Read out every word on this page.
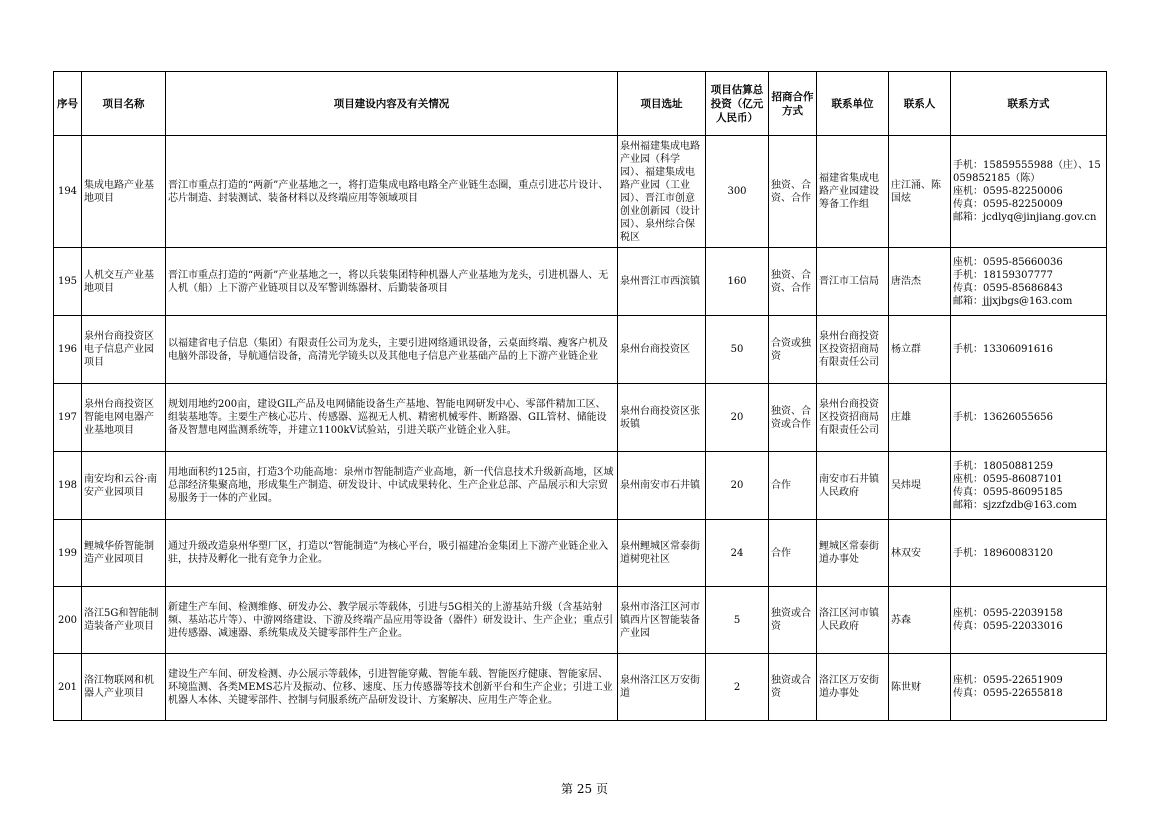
序号	项目名称	项目建设内容及有关情况	项目选址	项目估算总投资（亿元人民币）	招商合作方式	联系单位	联系人	联系方式
194	集成电路产业基地项目	晋江市重点打造的“两新”产业基地之一，将打造集成电路电路全产业链生态圈，重点引进芯片设计、芯片制造、封装测试、装备材料以及终端应用等领域项目	泉州福建集成电路产业园（科学园）、福建集成电路产业园（工业园）、晋江市创意创业创新园（设计园）、泉州综合保税区	300	独资、合资、合作	福建省集成电路产业园建设筹备工作组	庄江涌、陈国炫	手机：15859555988（庄）、15059852185（陈）
座机：0595-82250006
传真：0595-82250009
邮箱：jcdlyq@jinjiang.gov.cn

195	人机交互产业基地项目	晋江市重点打造的“两新”产业基地之一，将以兵装集团特种机器人产业基地为龙头，引进机器人、无人机（船）上下游产业链项目以及军警训练器材、后勤装备项目	泉州晋江市西滨镇	160	独资、合资、合作	晋江市工信局	唐浩杰	座机：0595-85660036
手机：18159307777
传真：0595-85686843
邮箱：jjjxjbgs@163.com

196	泉州台商投资区电子信息产业园项目	以福建省电子信息（集团）有限责任公司为龙头，主要引进网络通讯设备，云桌面终端、瘦客户机及电脑外部设备，导航通信设备，高清光学镜头以及其他电子信息产业基础产品的上下游产业链企业	泉州台商投资区	50	合资或独资	泉州台商投资区投资招商局有限责任公司	杨立群	手机：13306091616

197	泉州台商投资区智能电网电器产业基地项目	规划用地约200亩，建设GIL产品及电网储能设备生产基地、智能电网研发中心、零部件精加工区、组装基地等。主要生产核心芯片、传感器、巡视无人机、精密机械零件、断路器、GIL管材、储能设备及智慧电网监测系统等，并建立1100kV试验站，引进关联产业链企业入驻。	泉州台商投资区张坂镇	20	独资、合资或合作	泉州台商投资区投资招商局有限责任公司	庄雄	手机：13626055656

198	南安均和云谷·南安产业园项目	用地面积约125亩，打造3个功能高地：泉州市智能制造产业高地，新一代信息技术升级新高地，区域总部经济集聚高地，形成集生产制造、研发设计、中试成果转化、生产企业总部、产品展示和大宗贸易服务于一体的产业园。	泉州南安市石井镇	20	合作	南安市石井镇人民政府	吴炜堤	手机：18050881259
座机：0595-86087101
传真：0595-86095185
邮箱：sjzzfzdb@163.com

199	鲤城华侨智能制造产业园项目	通过升级改造泉州华塑厂区，打造以“智能制造”为核心平台，吸引福建冶金集团上下游产业链企业入驻，扶持及孵化一批有竞争力企业。	泉州鲤城区常泰街道树兜社区	24	合作	鲤城区常泰街道办事处	林双安	手机：18960083120

200	洛江5G和智能制造装备产业项目	新建生产车间、检测维修、研发办公、教学展示等载体，引进与5G相关的上游基站升级（含基站射频、基站芯片等）、中游网络建设、下游及终端产品应用等设备（器件）研发设计、生产企业；重点引进传感器、减速器、系统集成及关键零部件生产企业。	泉州市洛江区河市镇西片区智能装备产业园	5	独资或合资	洛江区河市镇人民政府	苏森	座机：0595-22039158
传真：0595-22033016

201	洛江物联网和机器人产业项目	建设生产车间、研发检测、办公展示等载体，引进智能穿戴、智能车载、智能医疗健康、智能家居、环境监测、各类MEMS芯片及振动、位移、速度、压力传感器等技术创新平台和生产企业；引进工业机器人本体、关键零部件、控制与伺服系统产品研发设计、方案解决、应用生产等企业。	泉州洛江区万安街道	2	独资或合资	洛江区万安街道办事处	陈世财	座机：0595-22651909
传真：0595-22655818
第 25 页
